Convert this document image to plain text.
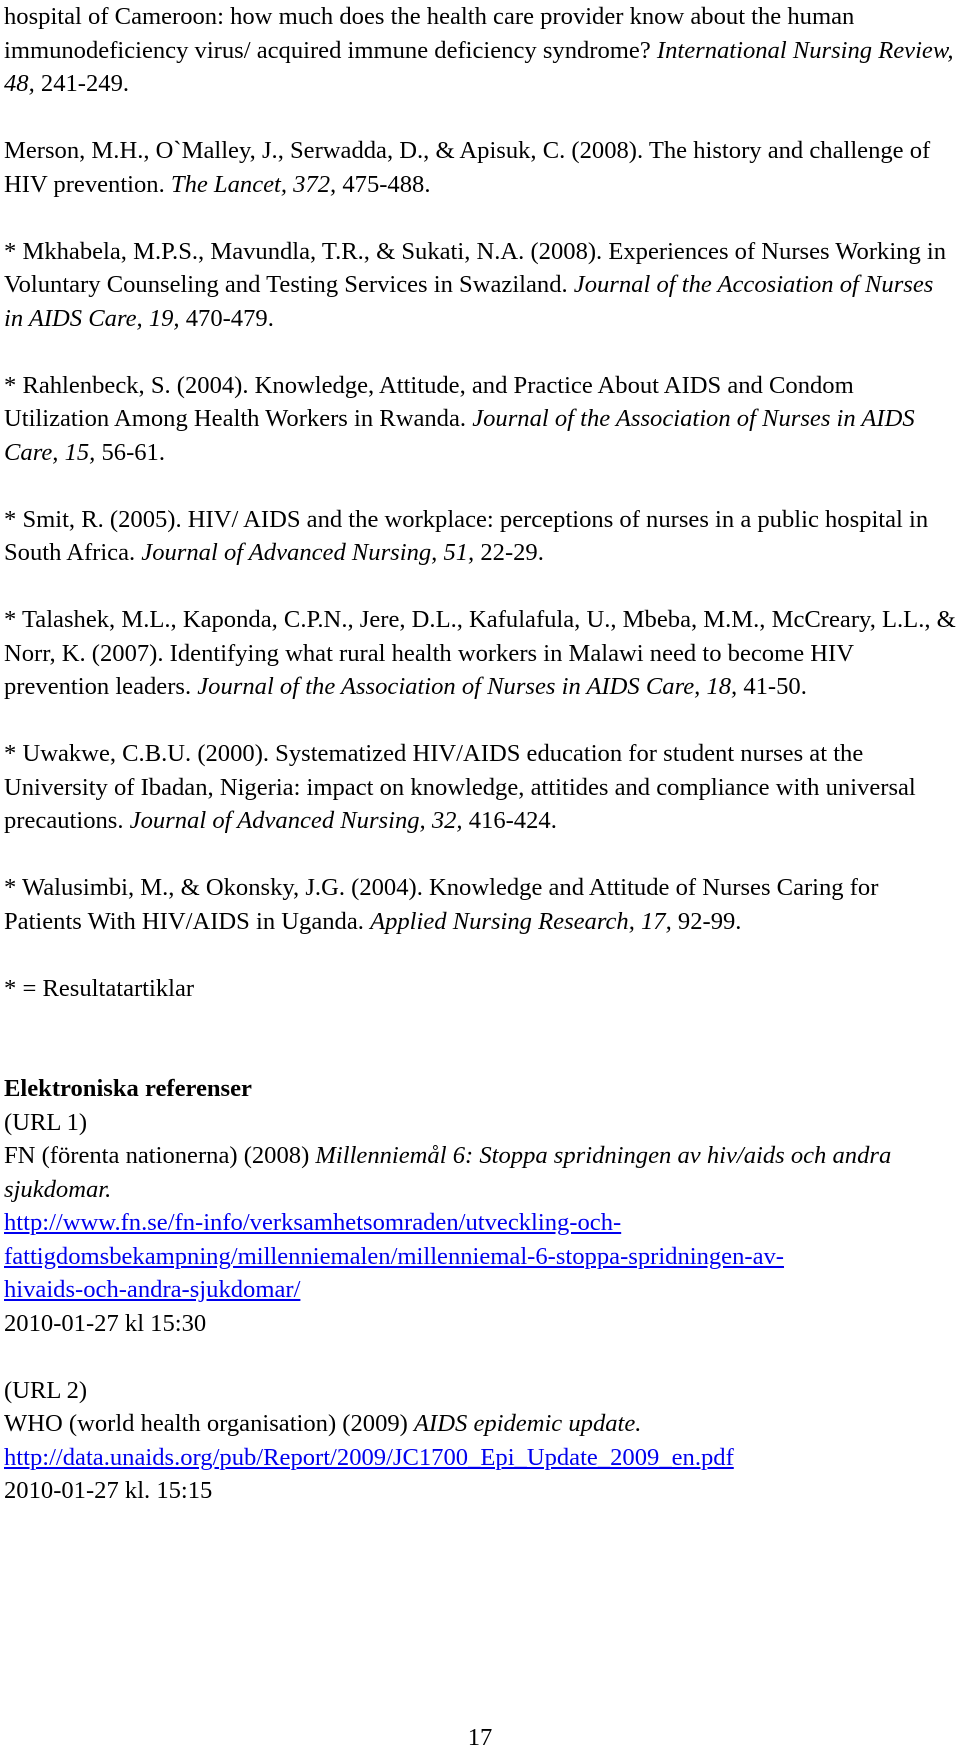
hospital of Cameroon: how much does the health care provider know about the human immunodeficiency virus/ acquired immune deficiency syndrome? International Nursing Review, 48, 241-249.

Merson, M.H., O`Malley, J., Serwadda, D., & Apisuk, C. (2008). The history and challenge of HIV prevention. The Lancet, 372, 475-488.

* Mkhabela, M.P.S., Mavundla, T.R., & Sukati, N.A. (2008). Experiences of Nurses Working in Voluntary Counseling and Testing Services in Swaziland. Journal of the Accosiation of Nurses in AIDS Care, 19, 470-479.

* Rahlenbeck, S. (2004). Knowledge, Attitude, and Practice About AIDS and Condom Utilization Among Health Workers in Rwanda. Journal of the Association of Nurses in AIDS Care, 15, 56-61.

* Smit, R. (2005). HIV/ AIDS and the workplace: perceptions of nurses in a public hospital in South Africa. Journal of Advanced Nursing, 51, 22-29.

* Talashek, M.L., Kaponda, C.P.N., Jere, D.L., Kafulafula, U., Mbeba, M.M., McCreary, L.L., & Norr, K. (2007). Identifying what rural health workers in Malawi need to become HIV prevention leaders. Journal of the Association of Nurses in AIDS Care, 18, 41-50.

* Uwakwe, C.B.U. (2000). Systematized HIV/AIDS education for student nurses at the University of Ibadan, Nigeria: impact on knowledge, attitides and compliance with universal precautions. Journal of Advanced Nursing, 32, 416-424.

* Walusimbi, M., & Okonsky, J.G. (2004). Knowledge and Attitude of Nurses Caring for Patients With HIV/AIDS in Uganda. Applied Nursing Research, 17, 92-99.

* = Resultatartiklar

Elektroniska referenser

(URL 1)

FN (förenta nationerna) (2008) Millenniemål 6: Stoppa spridningen av hiv/aids och andra sjukdomar.

http://www.fn.se/fn-info/verksamhetsomraden/utveckling-och-
fattigdomsbekampning/millenniemalen/millenniemal-6-stoppa-spridningen-av-
hivaids-och-andra-sjukdomar/

2010-01-27 kl 15:30

(URL 2)

WHO (world health organisation) (2009) AIDS epidemic update.

http://data.unaids.org/pub/Report/2009/JC1700_Epi_Update_2009_en.pdf

2010-01-27 kl. 15:15

17
